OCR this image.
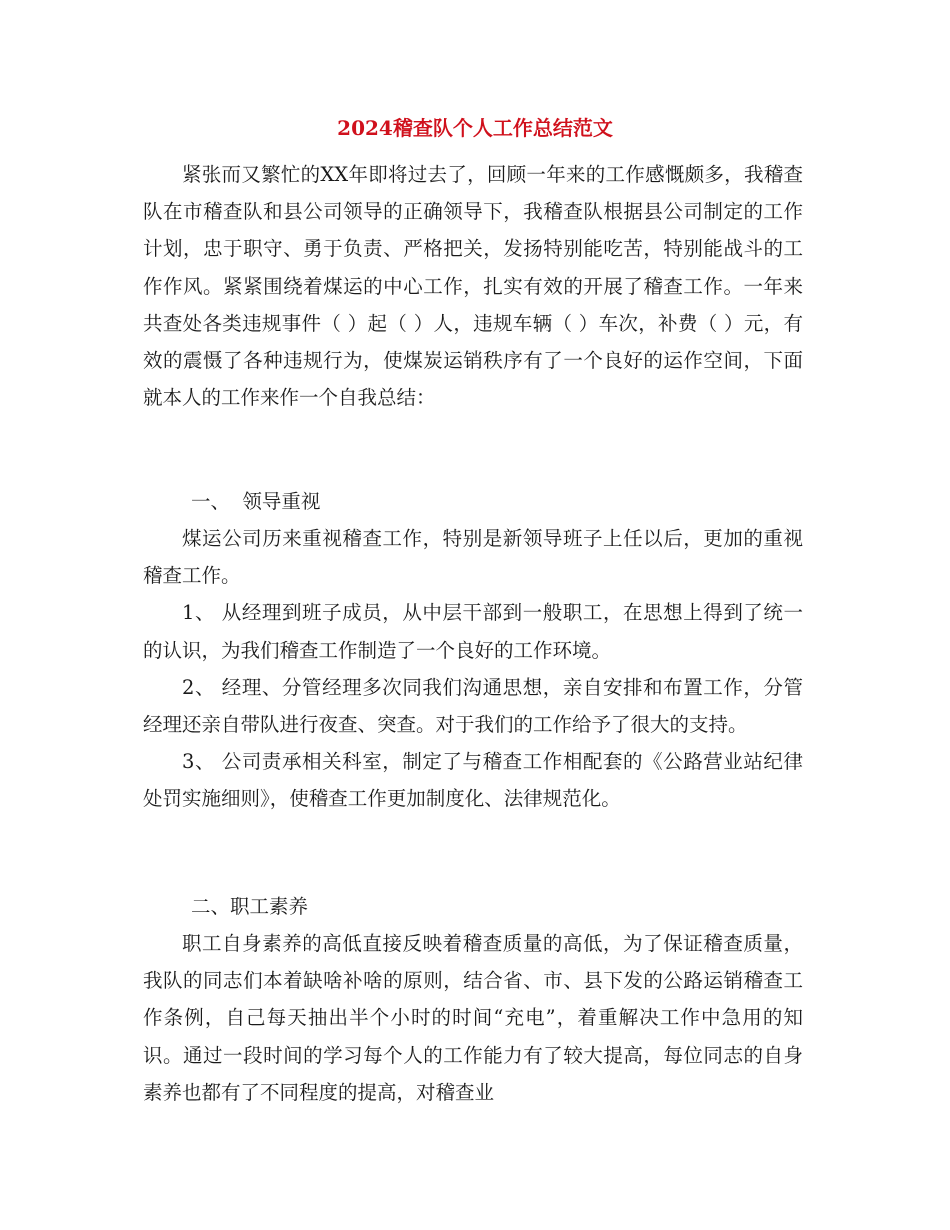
2024稽查队个人工作总结范文

紧张而又繁忙的XX年即将过去了，回顾一年来的工作感慨颇多，我稽查队在市稽查队和县公司领导的正确领导下，我稽查队根据县公司制定的工作计划，忠于职守、勇于负责、严格把关，发扬特别能吃苦，特别能战斗的工作作风。紧紧围绕着煤运的中心工作，扎实有效的开展了稽查工作。一年来共查处各类违规事件（ ）起（ ）人，违规车辆（ ）车次，补费（ ）元，有效的震慑了各种违规行为，使煤炭运销秩序有了一个良好的运作空间，下面就本人的工作来作一个自我总结：

一、  领导重视

煤运公司历来重视稽查工作，特别是新领导班子上任以后，更加的重视稽查工作。

1、 从经理到班子成员，从中层干部到一般职工，在思想上得到了统一的认识，为我们稽查工作制造了一个良好的工作环境。

2、 经理、分管经理多次同我们沟通思想，亲自安排和布置工作，分管经理还亲自带队进行夜查、突查。对于我们的工作给予了很大的支持。

3、 公司责承相关科室，制定了与稽查工作相配套的《公路营业站纪律处罚实施细则》，使稽查工作更加制度化、法律规范化。

二、职工素养

职工自身素养的高低直接反映着稽查质量的高低，为了保证稽查质量，我队的同志们本着缺啥补啥的原则，结合省、市、县下发的公路运销稽查工作条例，自己每天抽出半个小时的时间“充电”，着重解决工作中急用的知识。通过一段时间的学习每个人的工作能力有了较大提高，每位同志的自身素养也都有了不同程度的提高，对稽查业
